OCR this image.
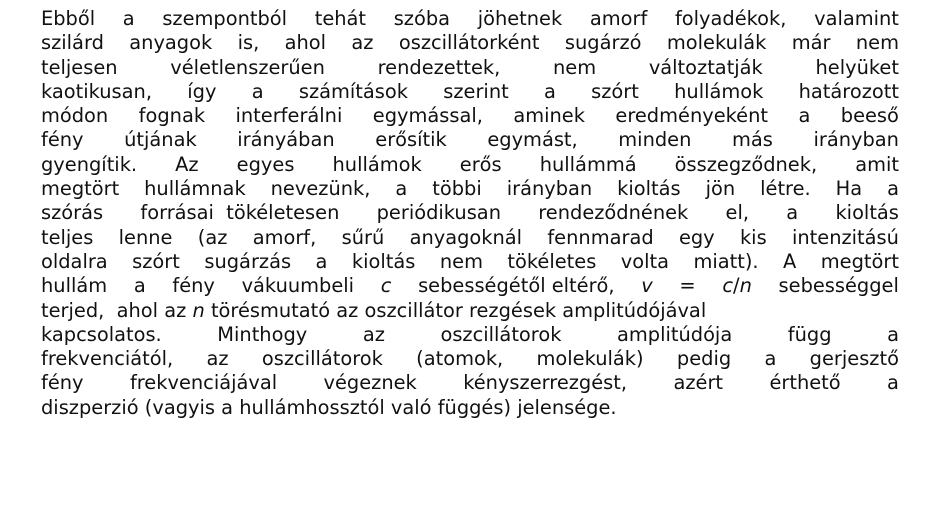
Ebből a szempontból tehát szóba jöhetnek amorf folyadékok, valamint
szilárd anyagok is, ahol az oszcillátorként sugárzó molekulák már nem
teljesen	véletlenszerűen	rendezettek,	nem	változtatják	helyüket
kaotikusan, így a számítások szerint a szórt hullámok határozott
módon fognak interferálni egymással, aminek eredményeként a beeső
fény útjának irányában erősítik egymást, minden más irányban
gyengítik. Az egyes hullámok erős hullámmá összegződnek, amit
megtört hullámnak nevezünk, a többi irányban kioltás jön létre. Ha a
szórás forrásai  tökéletesen periódikusan rendeződnének el, a kioltás
teljes lenne (az amorf, sűrű anyagoknál fennmarad egy kis intenzitású
oldalra szórt sugárzás a kioltás nem tökéletes volta miatt). A megtört
hullám a fény vákuumbeli c sebességétől eltérő, v = c/n sebességgel
terjed, ahol az n törésmutató az oszcillátor rezgések amplitúdójával
kapcsolatos.	Minthogy	az	oszcillátorok	amplitúdója	függ	a
frekvenciától, az oszcillátorok (atomok, molekulák) pedig a gerjesztő
fény frekvenciájával végeznek kényszerrezgést, azért érthető a
diszperzió (vagyis a hullámhossztól való függés) jelensége.
